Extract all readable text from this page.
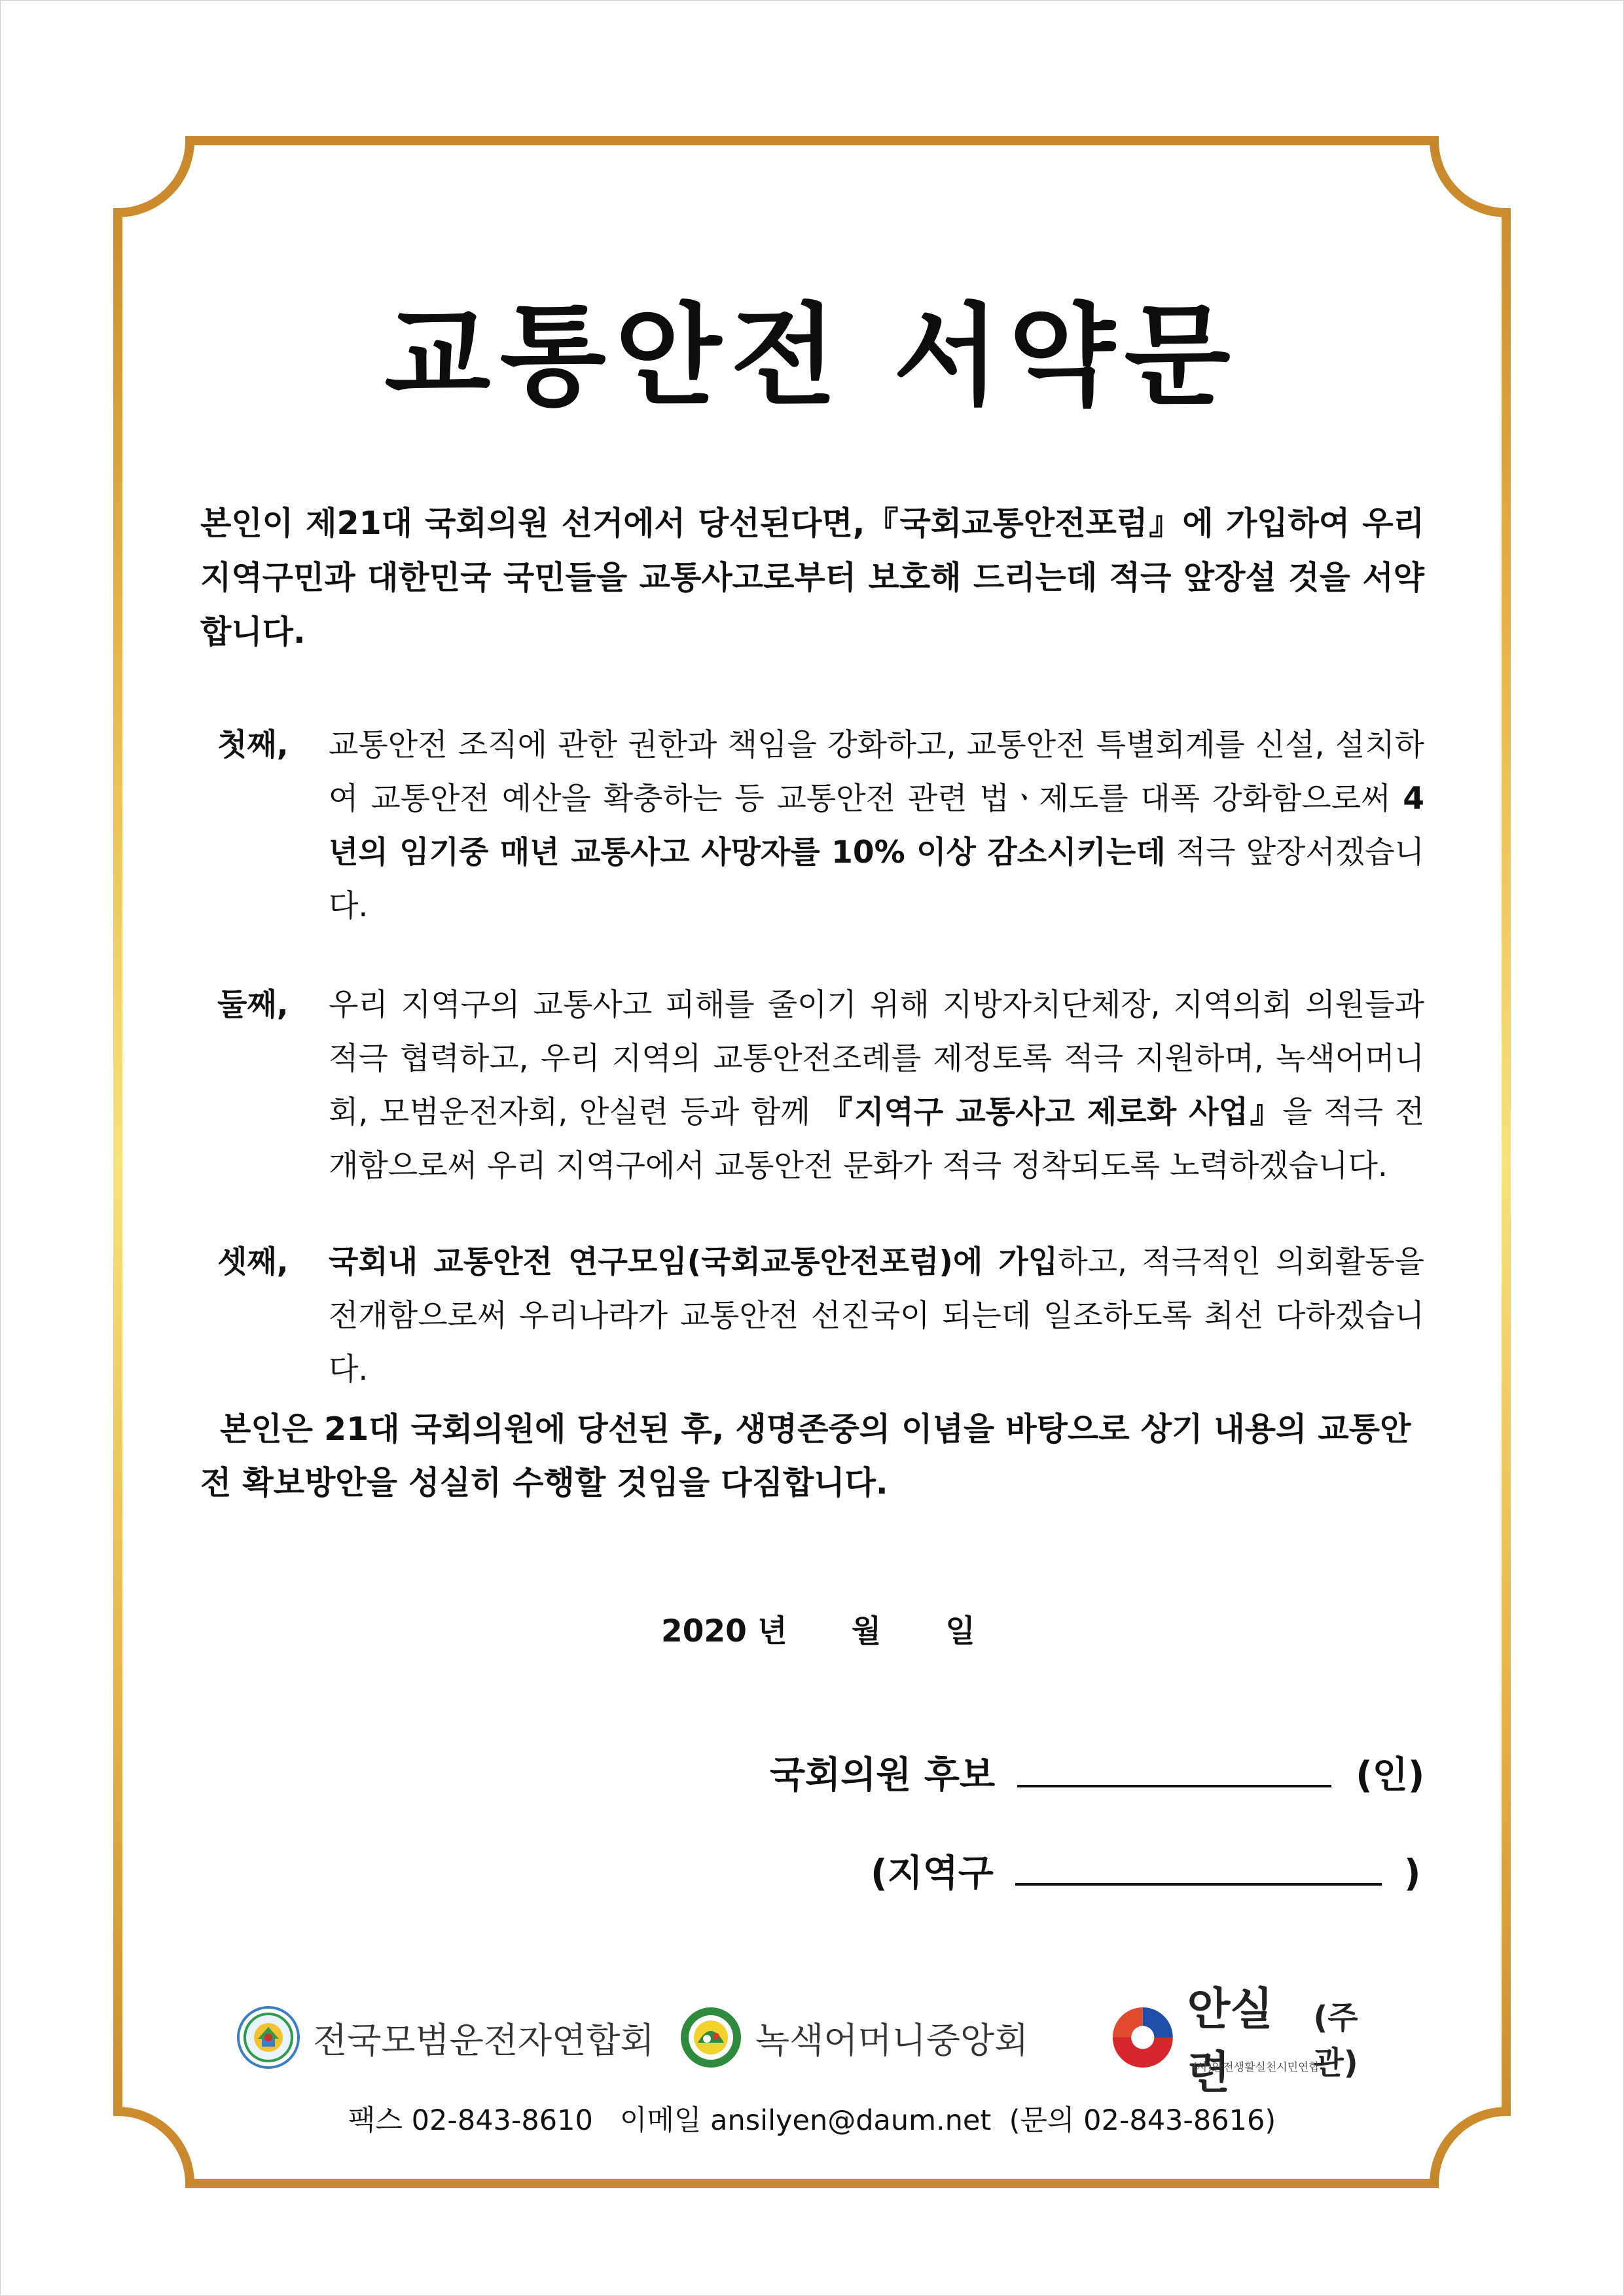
교통안전 서약문
본인이 제21대 국회의원 선거에서 당선된다면,『국회교통안전포럼』에 가입하여 우리 지역구민과 대한민국 국민들을 교통사고로부터 보호해 드리는데 적극 앞장설 것을 서약합니다.
첫째, 교통안전 조직에 관한 권한과 책임을 강화하고, 교통안전 특별회계를 신설, 설치하여 교통안전 예산을 확충하는 등 교통안전 관련 법ㆍ제도를 대폭 강화함으로써 4년의 임기중 매년 교통사고 사망자를 10% 이상 감소시키는데 적극 앞장서겠습니다.
둘째, 우리 지역구의 교통사고 피해를 줄이기 위해 지방자치단체장, 지역의회 의원들과 적극 협력하고, 우리 지역의 교통안전조례를 제정토록 적극 지원하며, 녹색어머니회, 모범운전자회, 안실련 등과 함께 『지역구 교통사고 제로화 사업』을 적극 전개함으로써 우리 지역구에서 교통안전 문화가 적극 정착되도록 노력하겠습니다.
셋째, 국회내 교통안전 연구모임(국회교통안전포럼)에 가입하고, 적극적인 의회활동을 전개함으로써 우리나라가 교통안전 선진국이 되는데 일조하도록 최선 다하겠습니다.
본인은 21대 국회의원에 당선된 후, 생명존중의 이념을 바탕으로 상기 내용의 교통안전 확보방안을 성실히 수행할 것임을 다짐합니다.
2020 년 월 일
국회의원 후보	(인)
(지역구	)
전국모범운전자연합회	녹색어머니중앙회
안실련
(주관)
(사)안전생활실천시민연합
팩스 02-843-8610 이메일 ansilyen@daum.net (문의 02-843-8616)
